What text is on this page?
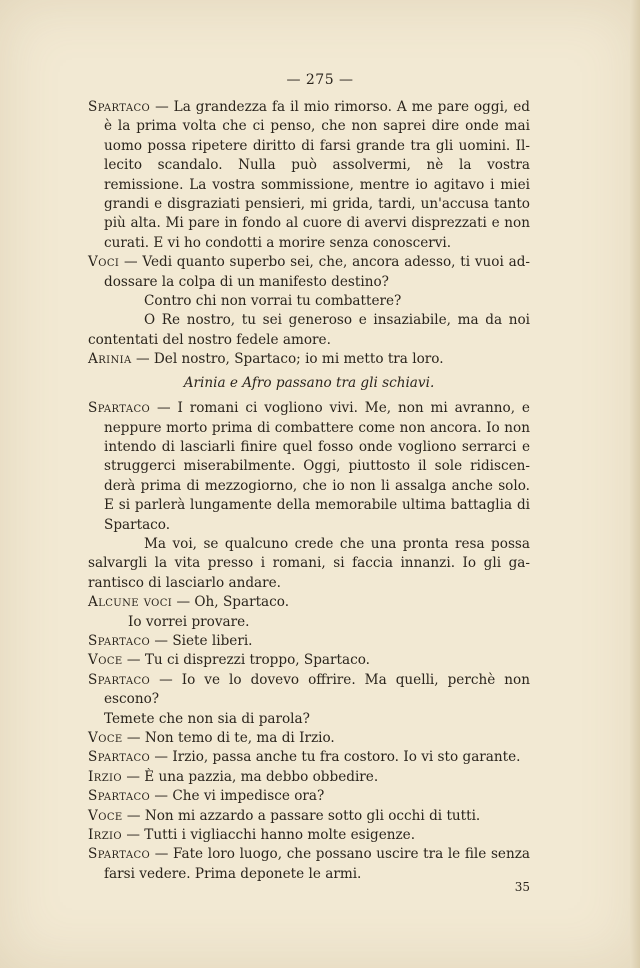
— 275 —

Spartaco — La grandezza fa il mio rimorso. A me pare oggi, ed è la prima volta che ci penso, che non saprei dire onde mai uomo possa ripetere diritto di farsi grande tra gli uomini. Illecito scandalo. Nulla può assolvermi, nè la vostra remissione. La vostra sommissione, mentre io agitavo i miei grandi e disgraziati pensieri, mi grida, tardi, un'accusa tanto più alta. Mi pare in fondo al cuore di avervi disprezzati e non curati. E vi ho condotti a morire senza conoscervi.

Voci — Vedi quanto superbo sei, che, ancora adesso, ti vuoi addossare la colpa di un manifesto destino?

Contro chi non vorrai tu combattere?

O Re nostro, tu sei generoso e insaziabile, ma da noi contentati del nostro fedele amore.

Arinia — Del nostro, Spartaco; io mi metto tra loro.

Arinia e Afro passano tra gli schiavi.

Spartaco — I romani ci vogliono vivi. Me, non mi avranno, e neppure morto prima di combattere come non ancora. Io non intendo di lasciarli finire quel fosso onde vogliono serrarci e struggerci miserabilmente. Oggi, piuttosto il sole ridiscenderà prima di mezzogiorno, che io non li assalga anche solo. E si parlerà lungamente della memorabile ultima battaglia di Spartaco.

Ma voi, se qualcuno crede che una pronta resa possa salvargli la vita presso i romani, si faccia innanzi. Io gli garantisco di lasciarlo andare.

Alcune voci — Oh, Spartaco.

Io vorrei provare.

Spartaco — Siete liberi.

Voce — Tu ci disprezzi troppo, Spartaco.

Spartaco — Io ve lo dovevo offrire. Ma quelli, perchè non escono?

Temete che non sia di parola?

Voce — Non temo di te, ma di Irzio.

Spartaco — Irzio, passa anche tu fra costoro. Io vi sto garante.

Irzio — È una pazzia, ma debbo obbedire.

Spartaco — Che vi impedisce ora?

Voce — Non mi azzardo a passare sotto gli occhi di tutti.

Irzio — Tutti i vigliacchi hanno molte esigenze.

Spartaco — Fate loro luogo, che possano uscire tra le file senza farsi vedere. Prima deponete le armi.

35
